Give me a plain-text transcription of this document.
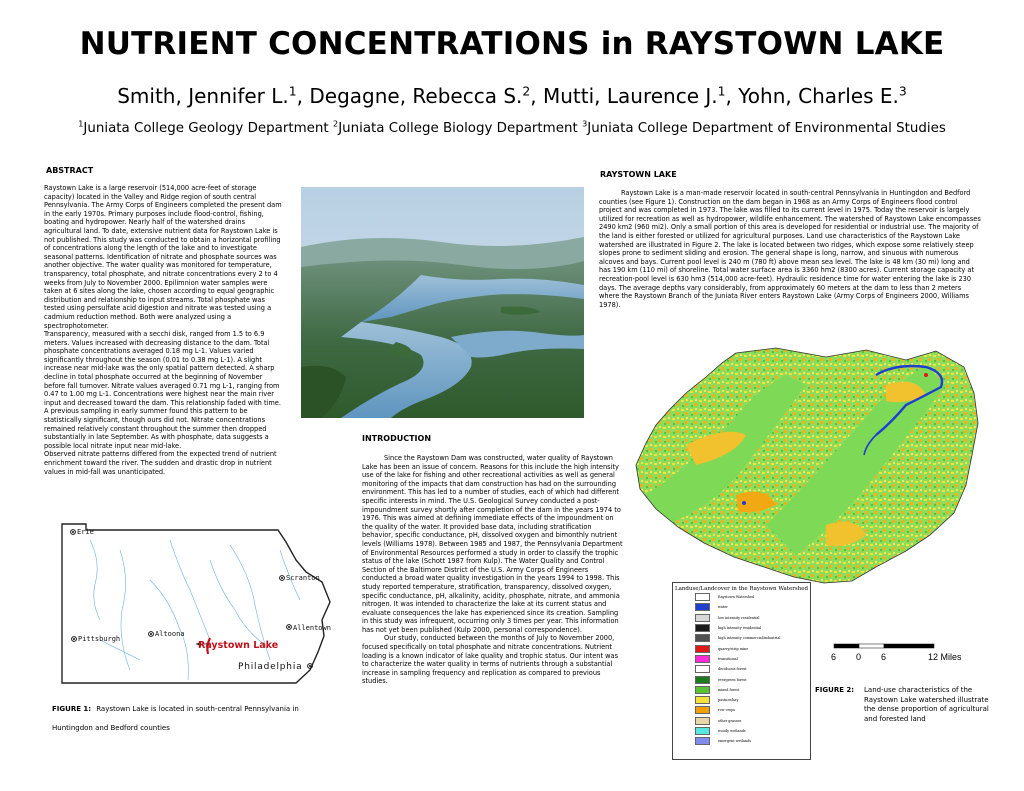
NUTRIENT CONCENTRATIONS in RAYSTOWN LAKE
Smith, Jennifer L.$^1$, Degagne, Rebecca S.$^2$, Mutti, Laurence J.$^1$, Yohn, Charles E.$^3$
$^1$Juniata College Geology Department $^2$Juniata College Biology Department $^3$Juniata College Department of Environmental Studies
ABSTRACT

Raystown Lake is a large reservoir (514,000 acre-feet of storage capacity) located in the Valley and Ridge region of south central Pennsylvania. The Army Corps of Engineers completed the present dam in the early 1970s. Primary purposes include flood-control, fishing, boating and hydropower. Nearly half of the watershed drains agricultural land. To date, extensive nutrient data for Raystown Lake is not published. This study was conducted to obtain a horizontal profiling of concentrations along the length of the lake and to investigate seasonal patterns. Identification of nitrate and phosphate sources was another objective. The water quality was monitored for temperature, transparency, total phosphate, and nitrate concentrations every 2 to 4 weeks from July to November 2000. Epilimnion water samples were taken at 6 sites along the lake, chosen according to equal geographic distribution and relationship to input streams. Total phosphate was tested using persulfate acid digestion and nitrate was tested using a cadmium reduction method. Both were analyzed using a spectrophotometer.

Transparency, measured with a secchi disk, ranged from 1.5 to 6.9 meters. Values increased with decreasing distance to the dam. Total phosphate concentrations averaged 0.18 mg L-1. Values varied significantly throughout the season (0.01 to 0.38 mg L-1). A slight increase near mid-lake was the only spatial pattern detected. A sharp decline in total phosphate occurred at the beginning of November before fall turnover. Nitrate values averaged 0.71 mg L-1, ranging from 0.47 to 1.00 mg L-1. Concentrations were highest near the main river input and decreased toward the dam. This relationship faded with time. A previous sampling in early summer found this pattern to be statistically significant, though ours did not. Nitrate concentrations remained relatively constant throughout the summer then dropped substantially in late September. As with phosphate, data suggests a possible local nitrate input near mid-lake.

Observed nitrate patterns differed from the expected trend of nutrient enrichment toward the river. The sudden and drastic drop in nutrient values in mid-fall was unanticipated.

RAYSTOWN LAKE

Raystown Lake is a man-made reservoir located in south-central Pennsylvania in Huntingdon and Bedford counties (see Figure 1). Construction on the dam began in 1968 as an Army Corps of Engineers flood control project and was completed in 1973. The lake was filled to its current level in 1975. Today the reservoir is largely utilized for recreation as well as hydropower, wildlife enhancement. The watershed of Raystown Lake encompasses 2490 km2 (960 mi2). Only a small portion of this area is developed for residential or industrial use. The majority of the land is either forested or utilized for agricultural purposes. Land use characteristics of the Raystown Lake watershed are illustrated in Figure 2. The lake is located between two ridges, which expose some relatively steep slopes prone to sediment sliding and erosion. The general shape is long, narrow, and sinuous with numerous alcoves and bays. Current pool level is 240 m (780 ft) above mean sea level. The lake is 48 km (30 mi) long and has 190 km (110 mi) of shoreline. Total water surface area is 3360 hm2 (8300 acres). Current storage capacity at recreation-pool level is 630 hm3 (514,000 acre-feet). Hydraulic residence time for water entering the lake is 230 days. The average depths vary considerably, from approximately 60 meters at the dam to less than 2 meters where the Raystown Branch of the Juniata River enters Raystown Lake (Army Corps of Engineers 2000, Williams 1978).

INTRODUCTION

Since the Raystown Dam was constructed, water quality of Raystown Lake has been an issue of concern. Reasons for this include the high intensity use of the lake for fishing and other recreational activities as well as general monitoring of the impacts that dam construction has had on the surrounding environment. This has led to a number of studies, each of which had different specific interests in mind. The U.S. Geological Survey conducted a post-impoundment survey shortly after completion of the dam in the years 1974 to 1976. This was aimed at defining immediate effects of the impoundment on the quality of the water. It provided base data, including stratification behavior, specific conductance, pH, dissolved oxygen and bimonthly nutrient levels (Williams 1978). Between 1985 and 1987, the Pennsylvania Department of Environmental Resources performed a study in order to classify the trophic status of the lake (Schott 1987 from Kulp). The Water Quality and Control Section of the Baltimore District of the U.S. Army Corps of Engineers conducted a broad water quality investigation in the years 1994 to 1998. This study reported temperature, stratification, transparency, dissolved oxygen, specific conductance, pH, alkalinity, acidity, phosphate, nitrate, and ammonia nitrogen. It was intended to characterize the lake at its current status and evaluate consequences the lake has experienced since its creation. Sampling in this study was infrequent, occurring only 3 times per year. This information has not yet been published (Kulp 2000, personal correspondence).

Our study, conducted between the months of July to November 2000, focused specifically on total phosphate and nitrate concentrations. Nutrient loading is a known indicator of lake quality and trophic status. Our intent was to characterize the water quality in terms of nutrients through a substantial increase in sampling frequency and replication as compared to previous studies.

Erie
Scranton
Allentown
Altoona
Pittsburgh
Philadelphia
Raystown Lake
FIGURE 1: Raystown Lake is located in south-central Pennsylvania in Huntingdon and Bedford counties
Landuse/Landcover in the Raystown Watershed
Raystown Watershed
water
low intensity residential
high intensity residential
high intensity commercial/industrial
quarry/strip mine
transitional
deciduous forest
evergreen forest
mixed forest
pasture/hay
row crops
other grasses
woody wetlands
emergent wetlands
6 0 6	12 Miles
FIGURE 2: Land-use characteristics of the Raystown Lake watershed illustrate the dense proportion of agricultural and forested land
